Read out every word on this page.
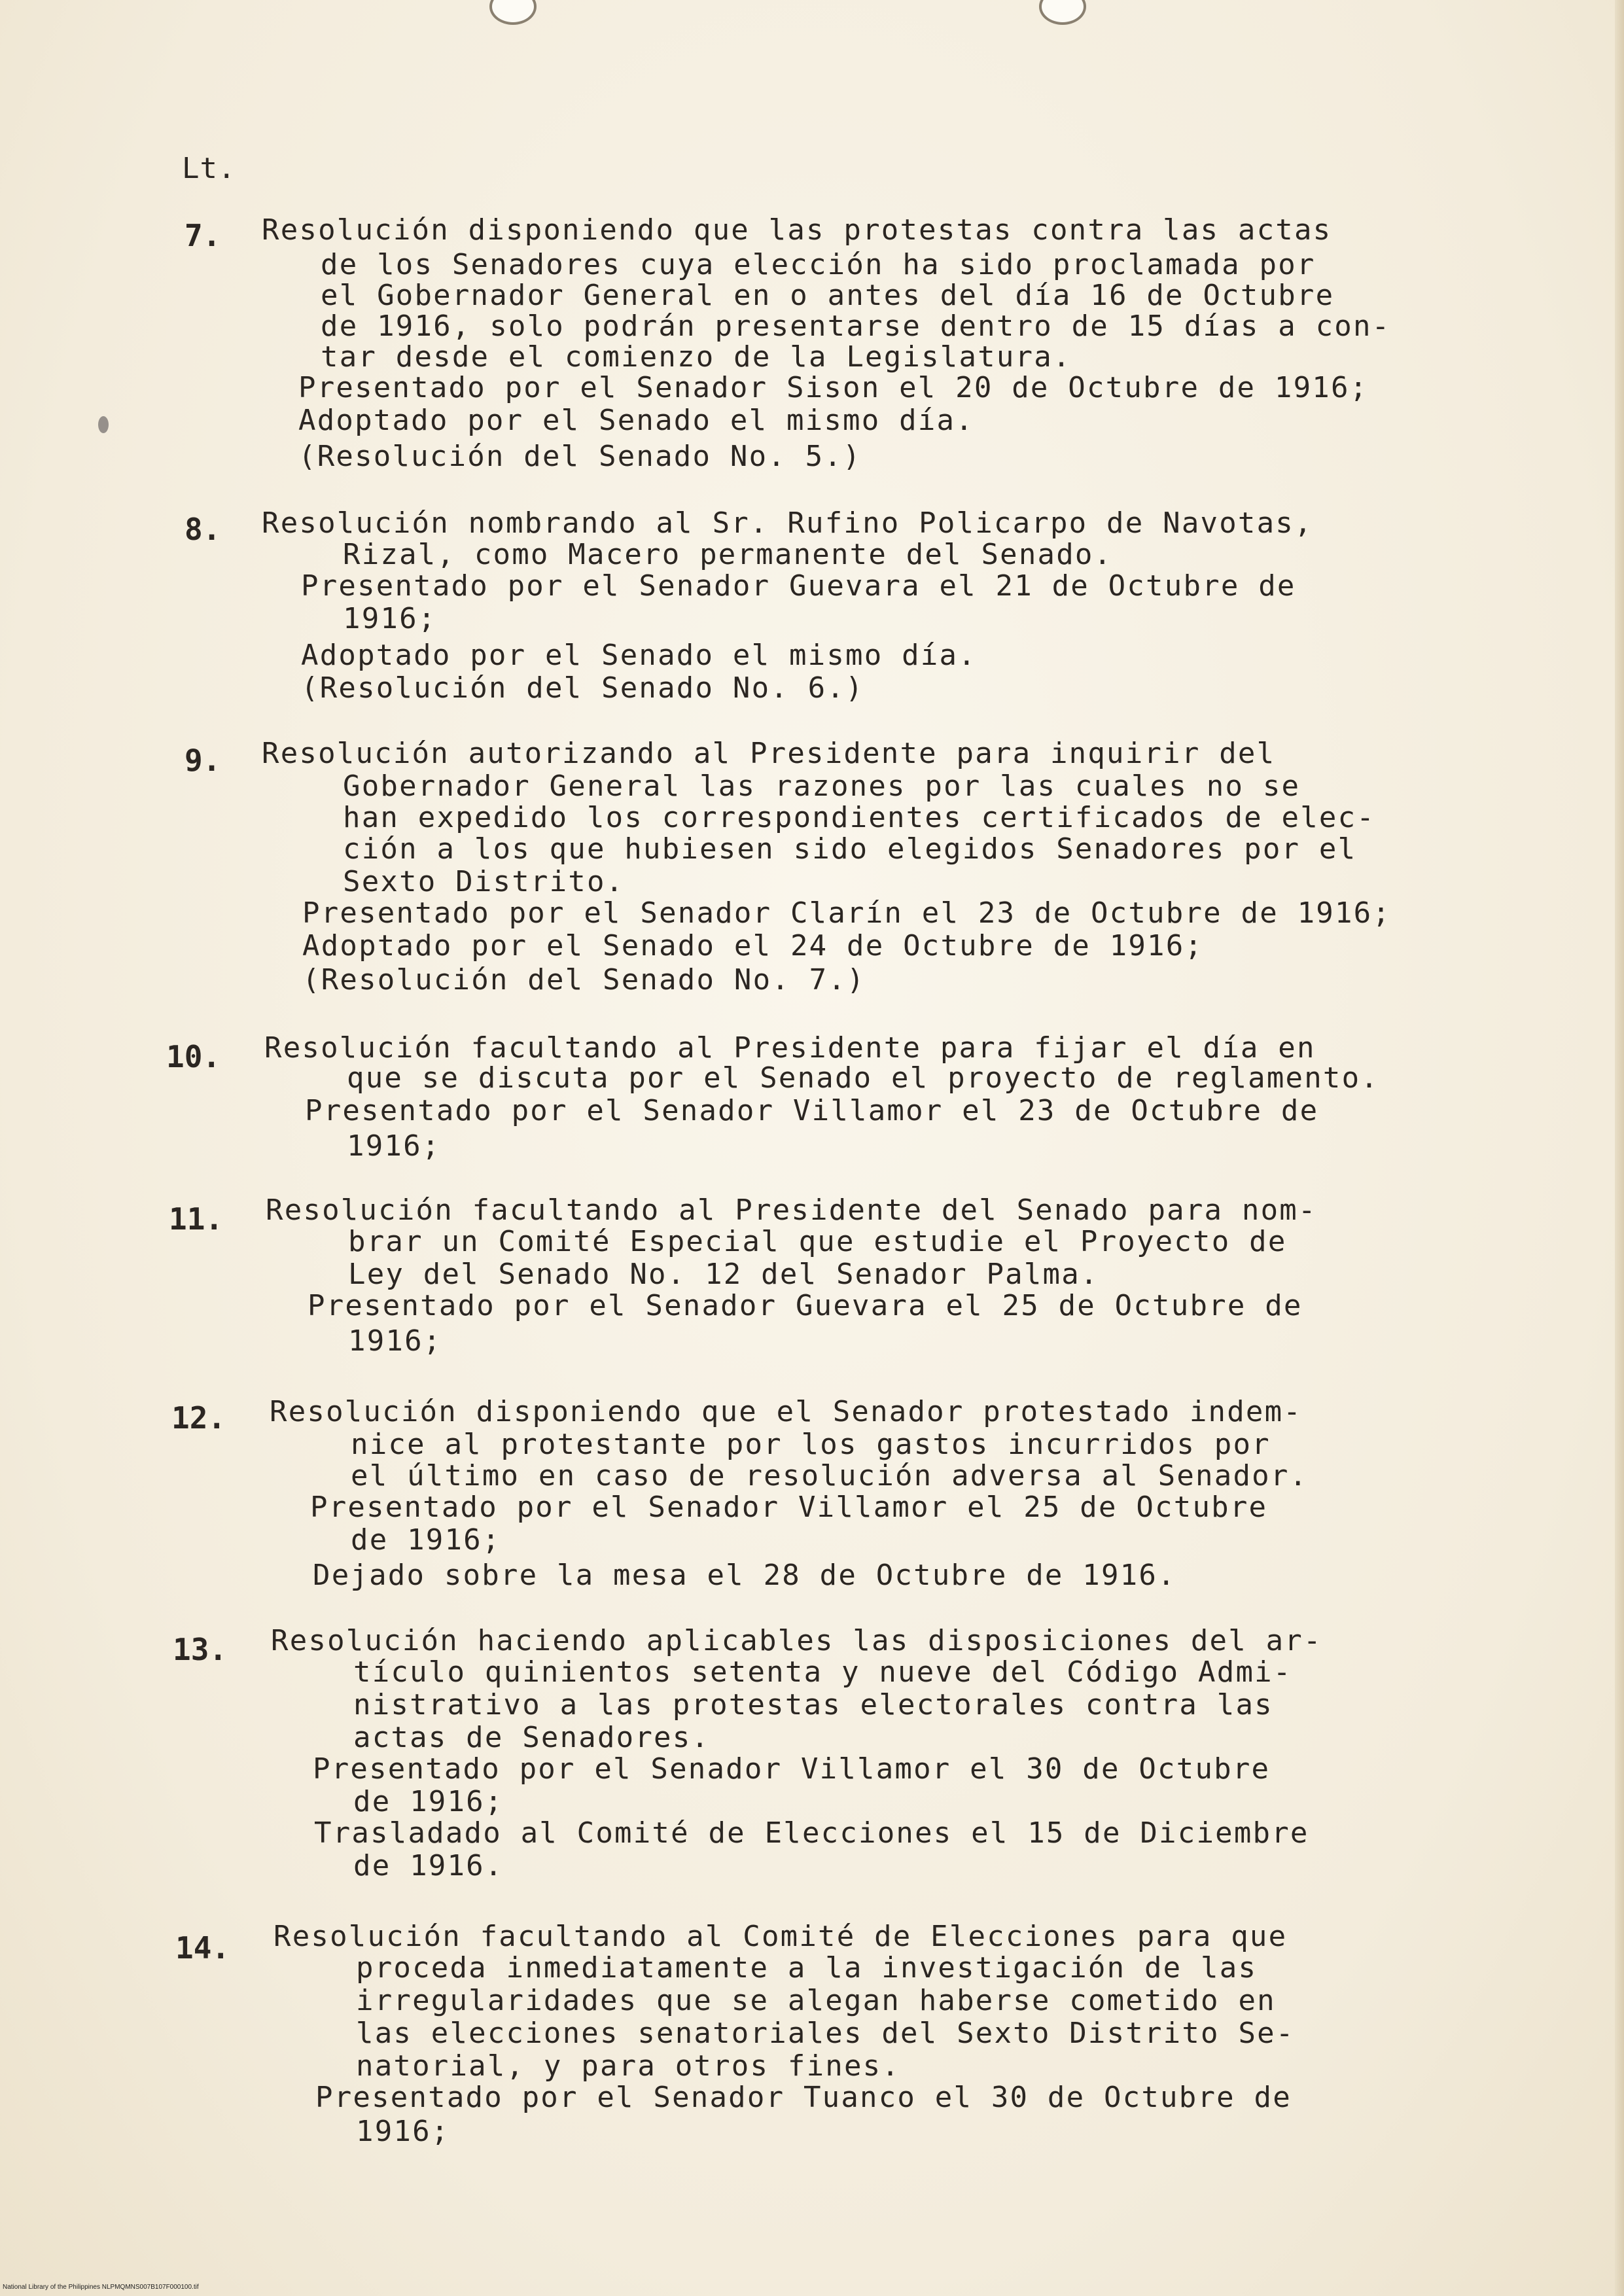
Lt.
7. Resolución disponiendo que las protestas contra las actas
de los Senadores cuya elección ha sido proclamada por
el Gobernador General en o antes del día 16 de Octubre
de 1916, solo podrán presentarse dentro de 15 días a con-
tar desde el comienzo de la Legislatura.
Presentado por el Senador Sison el 20 de Octubre de 1916;
Adoptado por el Senado el mismo día.
(Resolución del Senado No. 5.)
8. Resolución nombrando al Sr. Rufino Policarpo de Navotas,
Rizal, como Macero permanente del Senado.
Presentado por el Senador Guevara el 21 de Octubre de
1916;
Adoptado por el Senado el mismo día.
(Resolución del Senado No. 6.)
9. Resolución autorizando al Presidente para inquirir del
Gobernador General las razones por las cuales no se
han expedido los correspondientes certificados de elec-
ción a los que hubiesen sido elegidos Senadores por el
Sexto Distrito.
Presentado por el Senador Clarín el 23 de Octubre de 1916;
Adoptado por el Senado el 24 de Octubre de 1916;
(Resolución del Senado No. 7.)
10. Resolución facultando al Presidente para fijar el día en
que se discuta por el Senado el proyecto de reglamento.
Presentado por el Senador Villamor el 23 de Octubre de
1916;
11. Resolución facultando al Presidente del Senado para nom-
brar un Comité Especial que estudie el Proyecto de
Ley del Senado No. 12 del Senador Palma.
Presentado por el Senador Guevara el 25 de Octubre de
1916;
12. Resolución disponiendo que el Senador protestado indem-
nice al protestante por los gastos incurridos por
el último en caso de resolución adversa al Senador.
Presentado por el Senador Villamor el 25 de Octubre
de 1916;
Dejado sobre la mesa el 28 de Octubre de 1916.
13. Resolución haciendo aplicables las disposiciones del ar-
tículo quinientos setenta y nueve del Código Admi-
nistrativo a las protestas electorales contra las
actas de Senadores.
Presentado por el Senador Villamor el 30 de Octubre
de 1916;
Trasladado al Comité de Elecciones el 15 de Diciembre
de 1916.
14. Resolución facultando al Comité de Elecciones para que
proceda inmediatamente a la investigación de las
irregularidades que se alegan haberse cometido en
las elecciones senatoriales del Sexto Distrito Se-
natorial, y para otros fines.
Presentado por el Senador Tuanco el 30 de Octubre de
1916;
National Library of the Philippines NLPMQMNS007B107F000100.tif
